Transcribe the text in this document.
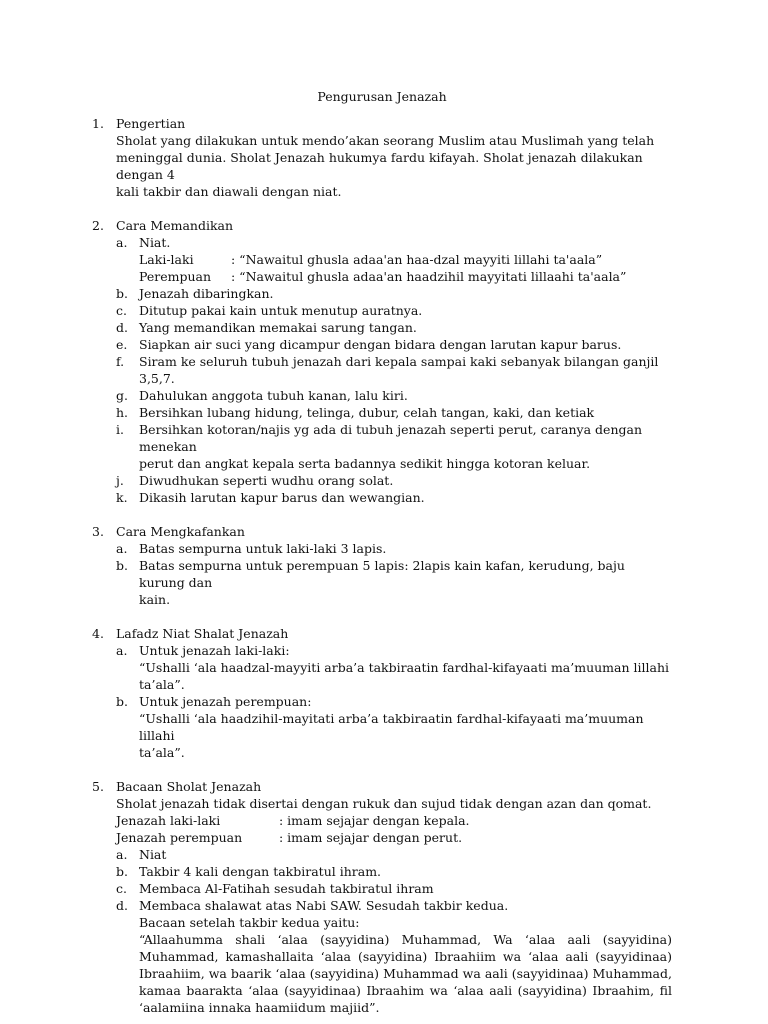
Pengurusan Jenazah
1. Pengertian
Sholat yang dilakukan untuk mendo’akan seorang Muslim atau Muslimah yang telah
meninggal dunia. Sholat Jenazah hukumya fardu kifayah. Sholat jenazah dilakukan dengan 4
kali takbir dan diawali dengan niat.
2. Cara Memandikan
a. Niat.
Laki-laki	: “Nawaitul ghusla adaa'an haa-dzal mayyiti lillahi ta'aala”
Perempuan	: “Nawaitul ghusla adaa'an haadzihil mayyitati lillaahi ta'aala”
b. Jenazah dibaringkan.
c. Ditutup pakai kain untuk menutup auratnya.
d. Yang memandikan memakai sarung tangan.
e. Siapkan air suci yang dicampur dengan bidara dengan larutan kapur barus.
f.	Siram ke seluruh tubuh jenazah dari kepala sampai kaki sebanyak bilangan ganjil 3,5,7.
g. Dahulukan anggota tubuh kanan, lalu kiri.
h. Bersihkan lubang hidung, telinga, dubur, celah tangan, kaki, dan ketiak
i.	Bersihkan kotoran/najis yg ada di tubuh jenazah seperti perut, caranya dengan menekan
perut dan angkat kepala serta badannya sedikit hingga kotoran keluar.
j.	Diwudhukan seperti wudhu orang solat.
k. Dikasih larutan kapur barus dan wewangian.
3. Cara Mengkafankan
a. Batas sempurna untuk laki-laki 3 lapis.
b. Batas sempurna untuk perempuan 5 lapis: 2lapis kain kafan, kerudung, baju kurung dan
kain.
4. Lafadz Niat Shalat Jenazah
a. Untuk jenazah laki-laki:
“Ushalli ‘ala haadzal-mayyiti arba’a takbiraatin fardhal-kifayaati ma’muuman lillahi
ta’ala”.
b. Untuk jenazah perempuan:
“Ushalli ‘ala haadzihil-mayitati arba’a takbiraatin fardhal-kifayaati ma’muuman lillahi
ta’ala”.
5. Bacaan Sholat Jenazah
Sholat jenazah tidak disertai dengan rukuk dan sujud tidak dengan azan dan qomat.
Jenazah laki-laki	: imam sejajar dengan kepala.
Jenazah perempuan	: imam sejajar dengan perut.
a. Niat
b. Takbir 4 kali dengan takbiratul ihram.
c. Membaca Al-Fatihah sesudah takbiratul ihram
d. Membaca shalawat atas Nabi SAW. Sesudah takbir kedua.
Bacaan setelah takbir kedua yaitu:
“Allaahumma shali ‘alaa (sayyidina) Muhammad, Wa ‘alaa aali (sayyidina) Muhammad, kamashallaita ‘alaa (sayyidina) Ibraahiim wa ‘alaa aali (sayyidinaa) Ibraahiim, wa baarik ‘alaa (sayyidina) Muhammad wa aali (sayyidinaa) Muhammad, kamaa baarakta ‘alaa (sayyidinaa) Ibraahim wa ‘alaa aali (sayyidina) Ibraahim, fil ‘aalamiina innaka haamiidum majiid”.
